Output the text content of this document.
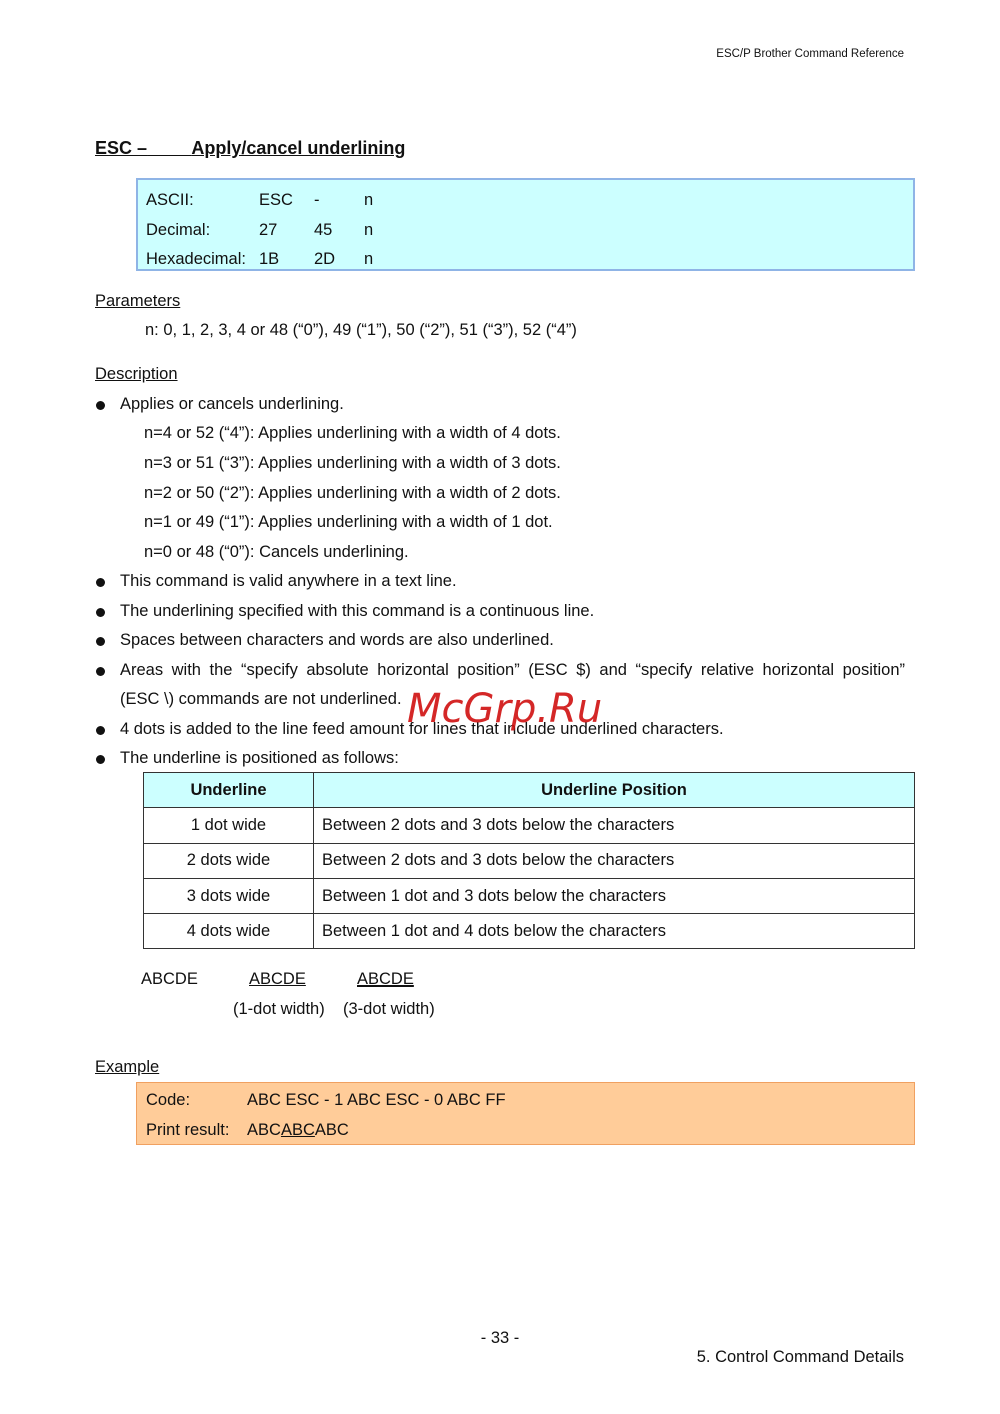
ESC/P Brother Command Reference
ESC – Apply/cancel underlining
ASCII:	ESC	-	n
Decimal:	27	45	n
Hexadecimal: 1B	2D	n
Parameters
n: 0, 1, 2, 3, 4 or 48 (“0”), 49 (“1”), 50 (“2”), 51 (“3”), 52 (“4”)
Description
Applies or cancels underlining.
n=4 or 52 (“4”): Applies underlining with a width of 4 dots.
n=3 or 51 (“3”): Applies underlining with a width of 3 dots.
n=2 or 50 (“2”): Applies underlining with a width of 2 dots.
n=1 or 49 (“1”): Applies underlining with a width of 1 dot.
n=0 or 48 (“0”): Cancels underlining.
This command is valid anywhere in a text line.
The underlining specified with this command is a continuous line.
Spaces between characters and words are also underlined.
Areas with the “specify absolute horizontal position” (ESC $) and “specify relative horizontal position”
(ESC \) commands are not underlined.
4 dots is added to the line feed amount for lines that include underlined characters.
The underline is positioned as follows:
Underline	Underline Position
1 dot wide	Between 2 dots and 3 dots below the characters
2 dots wide	Between 2 dots and 3 dots below the characters
3 dots wide	Between 1 dot and 3 dots below the characters
4 dots wide	Between 1 dot and 4 dots below the characters
ABCDE	ABCDE	ABCDE
(1-dot width) (3-dot width)
Example
Code:	ABC ESC - 1 ABC ESC - 0 ABC FF
Print result:	ABCABCABC
McGrp.Ru
- 33 -
5. Control Command Details
